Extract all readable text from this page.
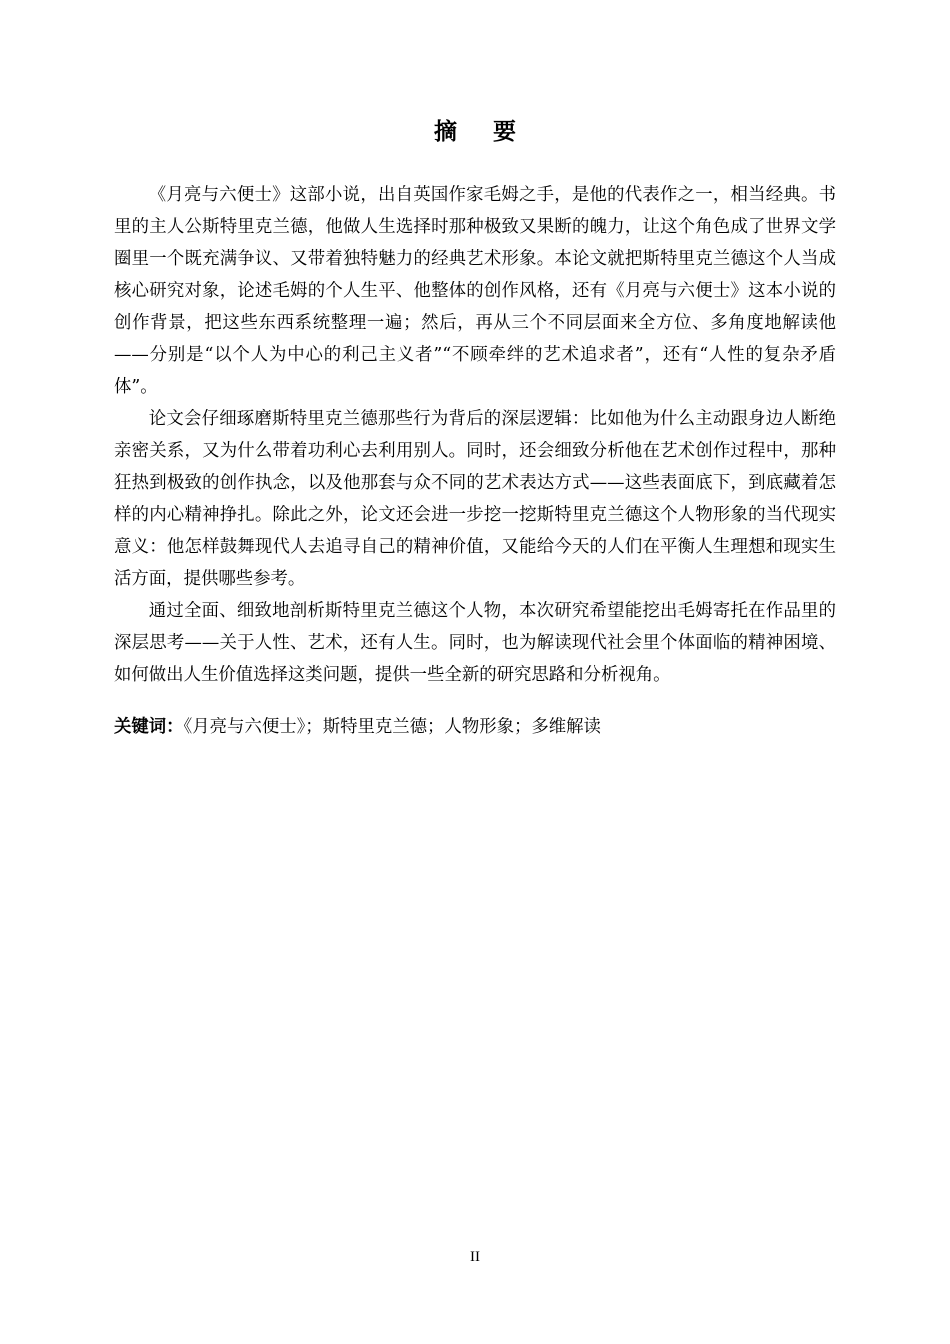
摘要

《月亮与六便士》这部小说，出自英国作家毛姆之手，是他的代表作之一，相当经典。书里的主人公斯特里克兰德，他做人生选择时那种极致又果断的魄力，让这个角色成了世界文学圈里一个既充满争议、又带着独特魅力的经典艺术形象。本论文就把斯特里克兰德这个人当成核心研究对象，论述毛姆的个人生平、他整体的创作风格，还有《月亮与六便士》这本小说的创作背景，把这些东西系统整理一遍；然后，再从三个不同层面来全方位、多角度地解读他——分别是“以个人为中心的利己主义者”“不顾牵绊的艺术追求者”，还有“人性的复杂矛盾体”。

论文会仔细琢磨斯特里克兰德那些行为背后的深层逻辑：比如他为什么主动跟身边人断绝亲密关系，又为什么带着功利心去利用别人。同时，还会细致分析他在艺术创作过程中，那种狂热到极致的创作执念，以及他那套与众不同的艺术表达方式——这些表面底下，到底藏着怎样的内心精神挣扎。除此之外，论文还会进一步挖一挖斯特里克兰德这个人物形象的当代现实意义：他怎样鼓舞现代人去追寻自己的精神价值，又能给今天的人们在平衡人生理想和现实生活方面，提供哪些参考。

通过全面、细致地剖析斯特里克兰德这个人物，本次研究希望能挖出毛姆寄托在作品里的深层思考——关于人性、艺术，还有人生。同时，也为解读现代社会里个体面临的精神困境、如何做出人生价值选择这类问题，提供一些全新的研究思路和分析视角。

关键词：《月亮与六便士》；斯特里克兰德；人物形象；多维解读

II
